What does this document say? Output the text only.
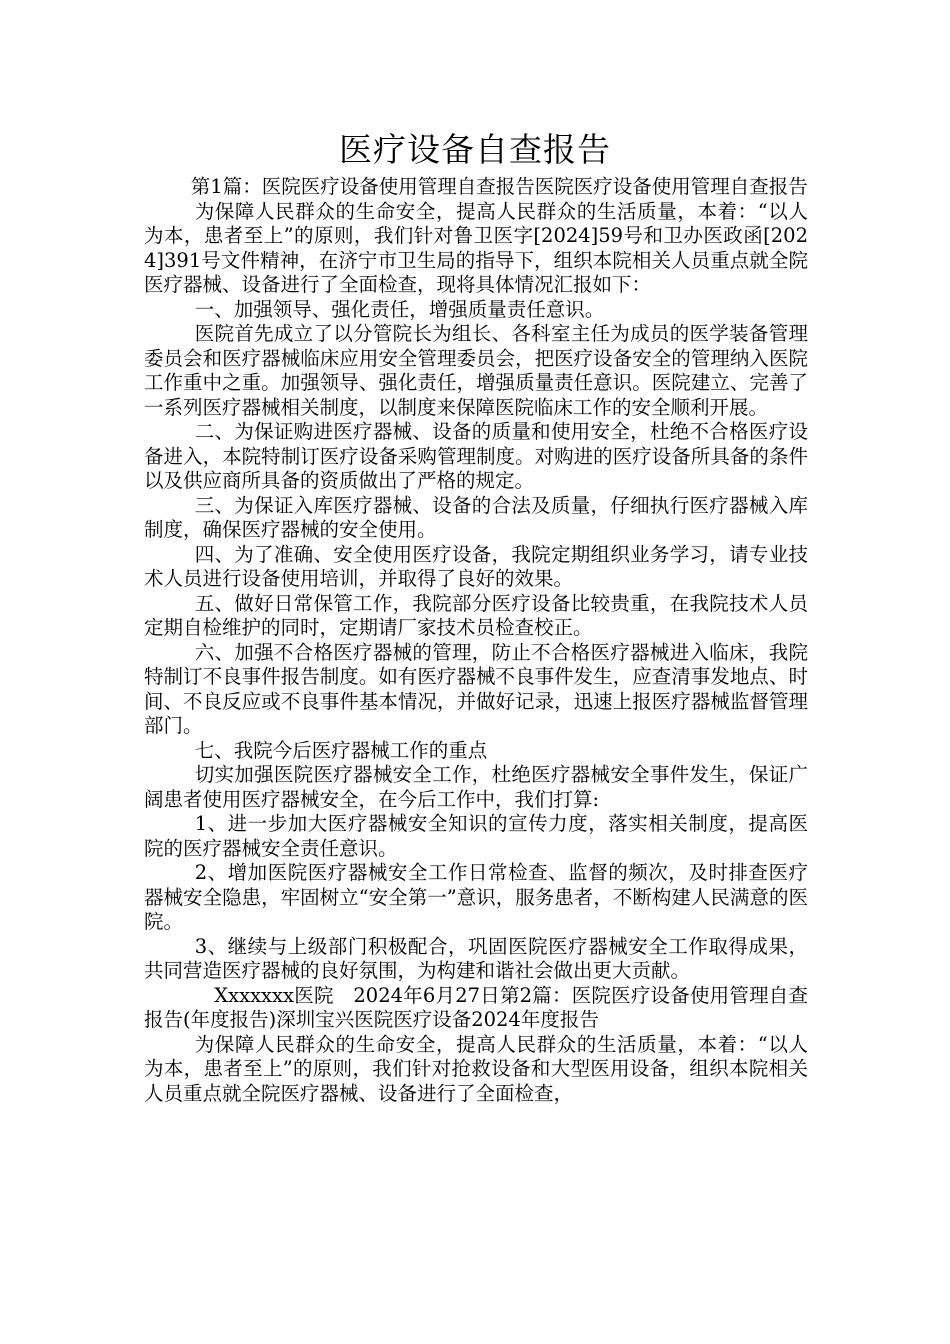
医疗设备自查报告

第1篇：医院医疗设备使用管理自查报告医院医疗设备使用管理自查报告

为保障人民群众的生命安全，提高人民群众的生活质量，本着：“以人为本，患者至上”的原则，我们针对鲁卫医字[2024]59号和卫办医政函[2024]391号文件精神，在济宁市卫生局的指导下，组织本院相关人员重点就全院医疗器械、设备进行了全面检查，现将具体情况汇报如下：

一、加强领导、强化责任，增强质量责任意识。

医院首先成立了以分管院长为组长、各科室主任为成员的医学装备管理委员会和医疗器械临床应用安全管理委员会，把医疗设备安全的管理纳入医院工作重中之重。加强领导、强化责任，增强质量责任意识。医院建立、完善了一系列医疗器械相关制度，以制度来保障医院临床工作的安全顺利开展。

二、为保证购进医疗器械、设备的质量和使用安全，杜绝不合格医疗设备进入，本院特制订医疗设备采购管理制度。对购进的医疗设备所具备的条件以及供应商所具备的资质做出了严格的规定。

三、为保证入库医疗器械、设备的合法及质量，仔细执行医疗器械入库制度，确保医疗器械的安全使用。

四、为了准确、安全使用医疗设备，我院定期组织业务学习，请专业技术人员进行设备使用培训，并取得了良好的效果。

五、做好日常保管工作，我院部分医疗设备比较贵重，在我院技术人员定期自检维护的同时，定期请厂家技术员检查校正。

六、加强不合格医疗器械的管理，防止不合格医疗器械进入临床，我院特制订不良事件报告制度。如有医疗器械不良事件发生，应查清事发地点、时间、不良反应或不良事件基本情况，并做好记录，迅速上报医疗器械监督管理部门。

七、我院今后医疗器械工作的重点

切实加强医院医疗器械安全工作，杜绝医疗器械安全事件发生，保证广阔患者使用医疗器械安全，在今后工作中，我们打算:

1、进一步加大医疗器械安全知识的宣传力度，落实相关制度，提高医院的医疗器械安全责任意识。

2、增加医院医疗器械安全工作日常检查、监督的频次，及时排查医疗器械安全隐患，牢固树立“安全第一”意识，服务患者，不断构建人民满意的医院。

3、继续与上级部门积极配合，巩固医院医疗器械安全工作取得成果，共同营造医疗器械的良好氛围，为构建和谐社会做出更大贡献。

Xxxxxxx医院　2024年6月27日第2篇：医院医疗设备使用管理自查报告(年度报告)深圳宝兴医院医疗设备2024年度报告

为保障人民群众的生命安全，提高人民群众的生活质量，本着：“以人为本，患者至上”的原则，我们针对抢救设备和大型医用设备，组织本院相关人员重点就全院医疗器械、设备进行了全面检查，
